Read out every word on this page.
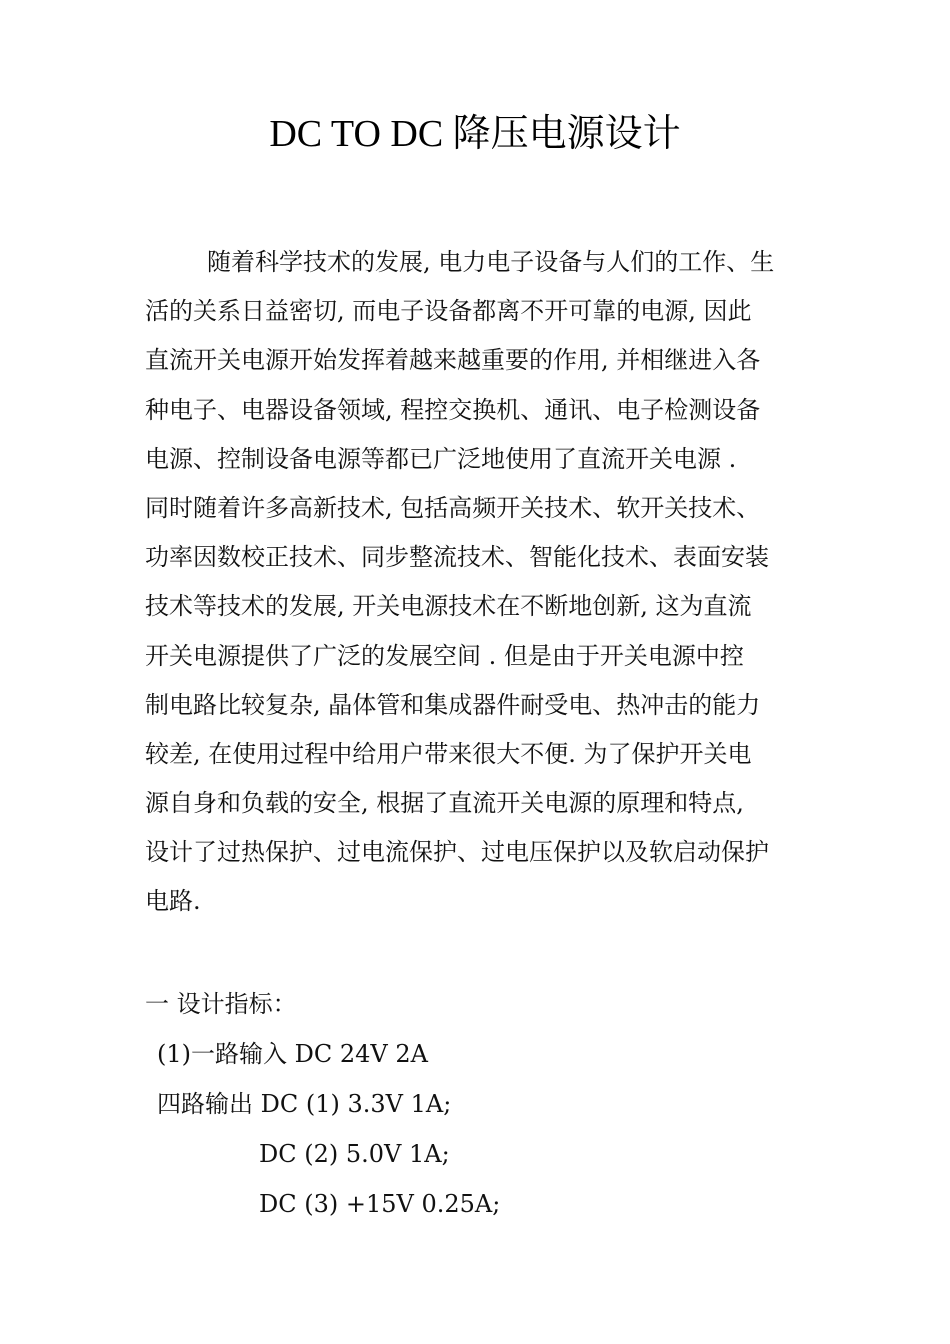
DC TO DC 降压电源设计
随着科学技术的发展, 电力电子设备与人们的工作、生
活的关系日益密切, 而电子设备都离不开可靠的电源, 因此
直流开关电源开始发挥着越来越重要的作用, 并相继进入各
种电子、电器设备领域, 程控交换机、通讯、电子检测设备
电源、控制设备电源等都已广泛地使用了直流开关电源 .
同时随着许多高新技术, 包括高频开关技术、软开关技术、
功率因数校正技术、同步整流技术、智能化技术、表面安装
技术等技术的发展, 开关电源技术在不断地创新, 这为直流
开关电源提供了广泛的发展空间 . 但是由于开关电源中控
制电路比较复杂, 晶体管和集成器件耐受电、热冲击的能力
较差, 在使用过程中给用户带来很大不便. 为了保护开关电
源自身和负载的安全, 根据了直流开关电源的原理和特点,
设计了过热保护、过电流保护、过电压保护以及软启动保护
电路.
一 设计指标：
(1)一路输入 DC 24V 2A
四路输出 DC (1) 3.3V 1A;
DC (2) 5.0V 1A;
DC (3) +15V 0.25A;
